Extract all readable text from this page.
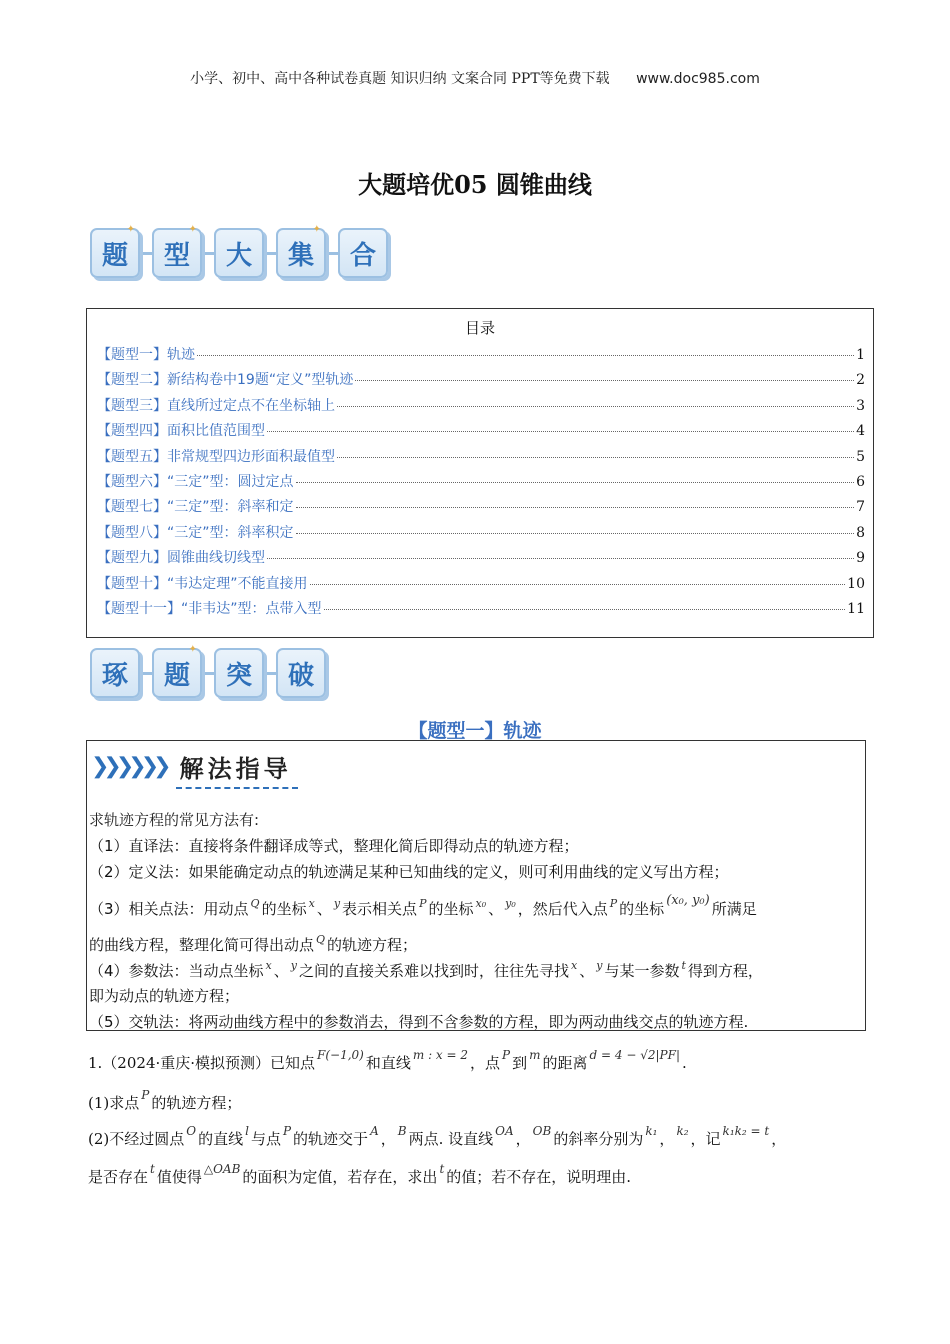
小学、初中、高中各种试卷真题 知识归纳 文案合同 PPT等免费下载 www.doc985.com
大题培优05 圆锥曲线
✦
题
✦
型 大
✦
集 合
目录
【题型一】轨迹	1
【题型二】新结构卷中19题“定义”型轨迹	2
【题型三】直线所过定点不在坐标轴上	3
【题型四】面积比值范围型	4
【题型五】非常规型四边形面积最值型	5
【题型六】“三定”型：圆过定点	6
【题型七】“三定”型：斜率和定	7
【题型八】“三定”型：斜率积定	8
【题型九】圆锥曲线切线型	9
【题型十】“韦达定理”不能直接用	10
【题型十一】“非韦达”型：点带入型	11
琢
✦
题 突 破
【题型一】轨迹
❯❯❯❯❯❯ 解法指导
求轨迹方程的常见方法有:
（1）直译法：直接将条件翻译成等式，整理化简后即得动点的轨迹方程；
（2）定义法：如果能确定动点的轨迹满足某种已知曲线的定义，则可利用曲线的定义写出方程；
（3）相关点法：用动点 $^Q$ 的坐标 $^x$ 、 $^y$ 表示相关点 $^P$ 的坐标 $^{x_0}$ 、 $^{y_0}$ ，然后代入点 $^P$ 的坐标 (x₀, y₀) 所满足
的曲线方程，整理化简可得出动点 $^Q$ 的轨迹方程；
（4）参数法：当动点坐标 $^x$ 、 $^y$ 之间的直接关系难以找到时，往往先寻找 $^x$ 、 $^y$ 与某一参数 $^t$ 得到方程，
即为动点的轨迹方程；
（5）交轨法：将两动曲线方程中的参数消去，得到不含参数的方程，即为两动曲线交点的轨迹方程.
1.（2024·重庆·模拟预测）已知点 $^{F(-1,0)}$ 和直线 $^{m : x = 2}$ ，点 $^P$ 到 $^m$ 的距离 $^{d = 4 - √2|PF|}$ .
(1)求点 $^P$ 的轨迹方程；
(2)不经过圆点 $^O$ 的直线 $^l$ 与点 $^P$ 的轨迹交于 $^A$ ， $^B$ 两点. 设直线 $^{OA}$ ， $^{OB}$ 的斜率分别为 $^{k_1}$ ， $^{k_2}$ ，记 $^{k_1k_2 = t}$ ，
是否存在 $^t$ 值使得 $^{\triangle OAB}$ 的面积为定值，若存在，求出 $^t$ 的值；若不存在，说明理由.
